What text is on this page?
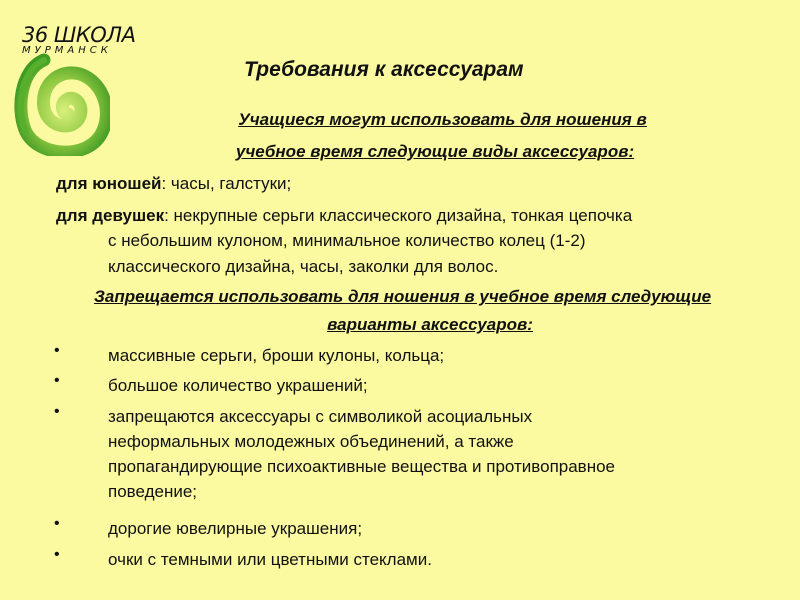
36 ШКОЛА
МУРМАНСК
Требования к аксессуарам
Учащиеся могут использовать для ношения в
учебное время следующие виды аксессуаров:
для юношей: часы, галстуки;
для девушек: некрупные серьги классического дизайна, тонкая цепочка
с небольшим кулоном, минимальное количество колец (1-2)
классического дизайна, часы, заколки для волос.
Запрещается использовать для ношения в учебное время следующие
варианты аксессуаров:
•	массивные серьги, броши кулоны, кольца;
•	большое количество украшений;
•	запрещаются аксессуары с символикой асоциальных
неформальных молодежных объединений, а также
пропагандирующие психоактивные вещества и противоправное
поведение;
•	дорогие ювелирные украшения;
•	очки с темными или цветными стеклами.
